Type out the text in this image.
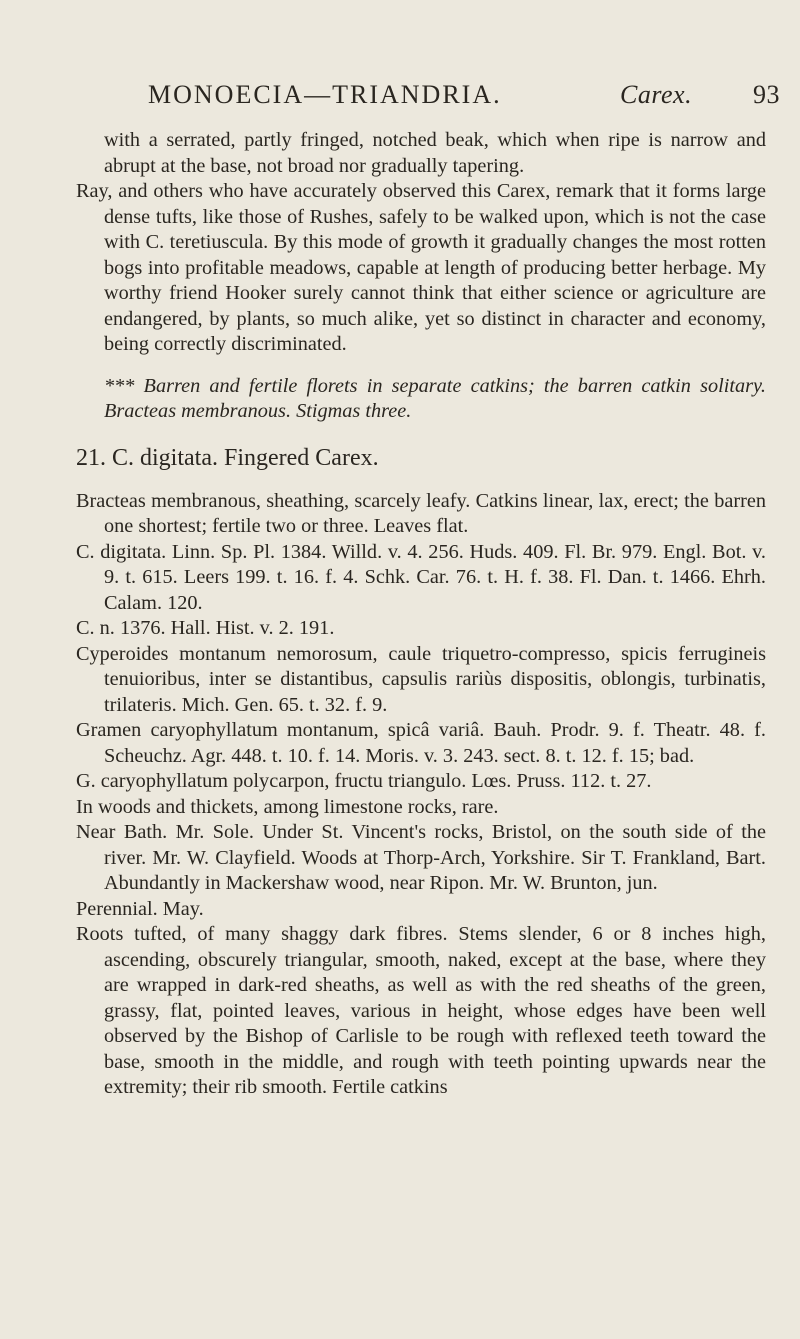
MONOECIA—TRIANDRIA.	Carex. 93

with a serrated, partly fringed, notched beak, which when ripe is narrow and abrupt at the base, not broad nor gradually tapering.

Ray, and others who have accurately observed this Carex, remark that it forms large dense tufts, like those of Rushes, safely to be walked upon, which is not the case with C. teretiuscula. By this mode of growth it gradually changes the most rotten bogs into profitable meadows, capable at length of producing better herbage. My worthy friend Hooker surely cannot think that either science or agriculture are endangered, by plants, so much alike, yet so distinct in character and economy, being correctly discriminated.

*** Barren and fertile florets in separate catkins; the barren catkin solitary. Bracteas membranous. Stigmas three.

21. C. digitata. Fingered Carex.

Bracteas membranous, sheathing, scarcely leafy. Catkins linear, lax, erect; the barren one shortest; fertile two or three. Leaves flat.

C. digitata. Linn. Sp. Pl. 1384. Willd. v. 4. 256. Huds. 409. Fl. Br. 979. Engl. Bot. v. 9. t. 615. Leers 199. t. 16. f. 4. Schk. Car. 76. t. H. f. 38. Fl. Dan. t. 1466. Ehrh. Calam. 120.

C. n. 1376. Hall. Hist. v. 2. 191.

Cyperoides montanum nemorosum, caule triquetro-compresso, spicis ferrugineis tenuioribus, inter se distantibus, capsulis rariùs dispositis, oblongis, turbinatis, trilateris. Mich. Gen. 65. t. 32. f. 9.

Gramen caryophyllatum montanum, spicâ variâ. Bauh. Prodr. 9. f. Theatr. 48. f. Scheuchz. Agr. 448. t. 10. f. 14. Moris. v. 3. 243. sect. 8. t. 12. f. 15; bad.

G. caryophyllatum polycarpon, fructu triangulo. Lœs. Pruss. 112. t. 27.

In woods and thickets, among limestone rocks, rare.

Near Bath. Mr. Sole. Under St. Vincent's rocks, Bristol, on the south side of the river. Mr. W. Clayfield. Woods at Thorp-Arch, Yorkshire. Sir T. Frankland, Bart. Abundantly in Mackershaw wood, near Ripon. Mr. W. Brunton, jun.

Perennial. May.

Roots tufted, of many shaggy dark fibres. Stems slender, 6 or 8 inches high, ascending, obscurely triangular, smooth, naked, except at the base, where they are wrapped in dark-red sheaths, as well as with the red sheaths of the green, grassy, flat, pointed leaves, various in height, whose edges have been well observed by the Bishop of Carlisle to be rough with reflexed teeth toward the base, smooth in the middle, and rough with teeth pointing upwards near the extremity; their rib smooth. Fertile catkins
